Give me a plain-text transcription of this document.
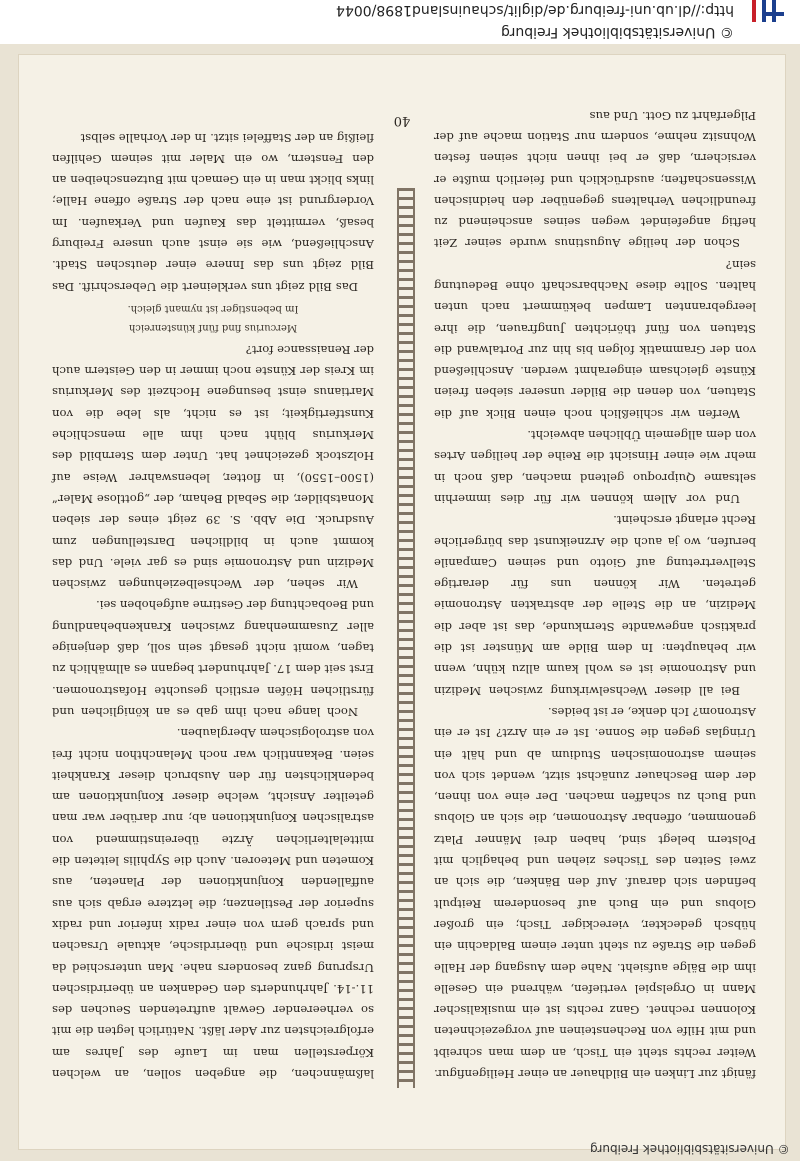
http://dl.ub.uni-freiburg.de/diglit/schauinsland1898/0044
© Universitätsbibliothek Freiburg

fänigt zur Linken ein Bildhauer an einer Heiligenfigur. Weiter rechts steht ein Tisch, an dem man schreibt und mit Hilfe von Rechensteinen auf vorgezeichneten Kolonnen rechnet. Ganz rechts ist ein musikalischer Mann in Orgelspiel vertiefen, während ein Geselle ihm die Bälge aufsieht. Nahe dem Ausgang der Halle gegen die Straße zu steht unter einem Baldachin ein hübsch gedeckter, viereckiger Tisch; ein großer Globus und ein Buch auf besonderem Reitpult befinden sich darauf. Auf den Bänken, die sich an zwei Seiten des Tisches ziehen und behaglich mit Polstern belegt sind, haben drei Männer Platz genommen, offenbar Astronomen, die sich an Globus und Buch zu schaffen machen. Der eine von ihnen, der dem Beschauer zunächst sitzt, wendet sich von seinem astronomischen Studium ab und hält ein Uringlas gegen die Sonne. Ist er ein Arzt? Ist er ein Astronom? Ich denke, er ist beides.

Bei all dieser Wechselwirkung zwischen Medizin und Astronomie ist es wohl kaum allzu kühn, wenn wir behaupten: In dem Bilde am Münster ist die praktisch angewandte Sternkunde, das ist aber die Medizin, an die Stelle der abstrakten Astronomie getreten. Wir können uns für derartige Stellvertretung auf Giotto und seinen Campanile berufen, wo ja auch die Arzneikunst das bürgerliche Recht erlangt erscheint.

Und vor Allem können wir für dies immerhin seltsame Quiproquo geltend machen, daß noch in mehr wie einer Hinsicht die Reihe der heiligen Artes von dem allgemein Üblichen abweicht.

Werfen wir schließlich noch einen Blick auf die Statuen, von denen die Bilder unserer sieben freien Künste gleichsam eingerahmt werden. Anschließend von der Grammatik folgen bis hin zur Portalwand die Statuen von fünf thörichten Jungfrauen, die ihre leergebrannten Lampen bekümmert nach unten halten. Sollte diese Nachbarschaft ohne Bedeutung sein?

Schon der heilige Augustinus wurde seiner Zeit heftig angefeindet wegen seines anscheinend zu freundlichen Verhaltens gegenüber den heidnischen Wissenschaften; ausdrücklich und feierlich mußte er versichern, daß er bei ihnen nicht seinen festen Wohnsitz nehme, sondern nur Station mache auf der Pilgerfahrt zu Gott. Und aus

laßmännchen, die angeben sollen, an welchen Körperstellen man im Laufe des Jahres am erfolgreichsten zur Ader läßt. Natürlich legten die mit so verheerender Gewalt auftretenden Seuchen des 11.-14. Jahrhunderts den Gedanken an überirdischen Ursprung ganz besonders nahe. Man unterschied da meist irdische und überirdische, aktuale Ursachen und sprach gern von einer radix inferior und radix superior der Pestilenzen; die letztere ergab sich aus auffallenden Konjunktionen der Planeten, aus Kometen und Meteoren. Auch die Syphilis leiteten die mittelalterlichen Ärzte übereinstimmend von astralischen Konjunktionen ab; nur darüber war man geteilter Ansicht, welche dieser Konjunktionen am bedenklichsten für den Ausbruch dieser Krankheit seien. Bekanntlich war noch Melanchthon nicht frei von astrologischem Aberglauben.

Noch lange nach ihm gab es an königlichen und fürstlichen Höfen erstlich gesuchte Hofastronomen. Erst seit dem 17. Jahrhundert begann es allmählich zu tagen, womit nicht gesagt sein soll, daß denjenige aller Zusammenhang zwischen Krankenbehandlung und Beobachtung der Gestirne aufgehoben sei.

Wir sehen, der Wechselbeziehungen zwischen Medizin und Astronomie sind es gar viele. Und das kommt auch in bildlichen Darstellungen zum Ausdruck. Die Abb. S. 39 zeigt eines der sieben Monatsbilder, die Sebald Beham, der „gottlose Maler“ (1500–1550), in flotter, lebenswahrer Weise auf Holzstock gezeichnet hat. Unter dem Sternbild des Merkurius blüht nach ihm alle menschliche Kunstfertigkeit; ist es nicht, als lebe die von Martianus einst besungene Hochzeit des Merkurius im Kreis der Künste noch immer in den Geistern auch der Renaissance fort?

Mercurius find fünf künstenreich

Im bebenstiger ist nymant gleich.

Das Bild zeigt uns verkleinert die Ueberschrift. Das Bild zeigt uns das Innere einer deutschen Stadt. Anschließend, wie sie einst auch unsere Freiburg besaß, vermittelt das Kaufen und Verkaufen. Im Vordergrund ist eine nach der Straße offene Halle; links blickt man in ein Gemach mit Butzenscheiben an den Fenstern, wo ein Maler mit seinem Gehilfen fleißig an der Staffelei sitzt. In der Vorhalle selbst

40
© Universitätsbibliothek Freiburg
